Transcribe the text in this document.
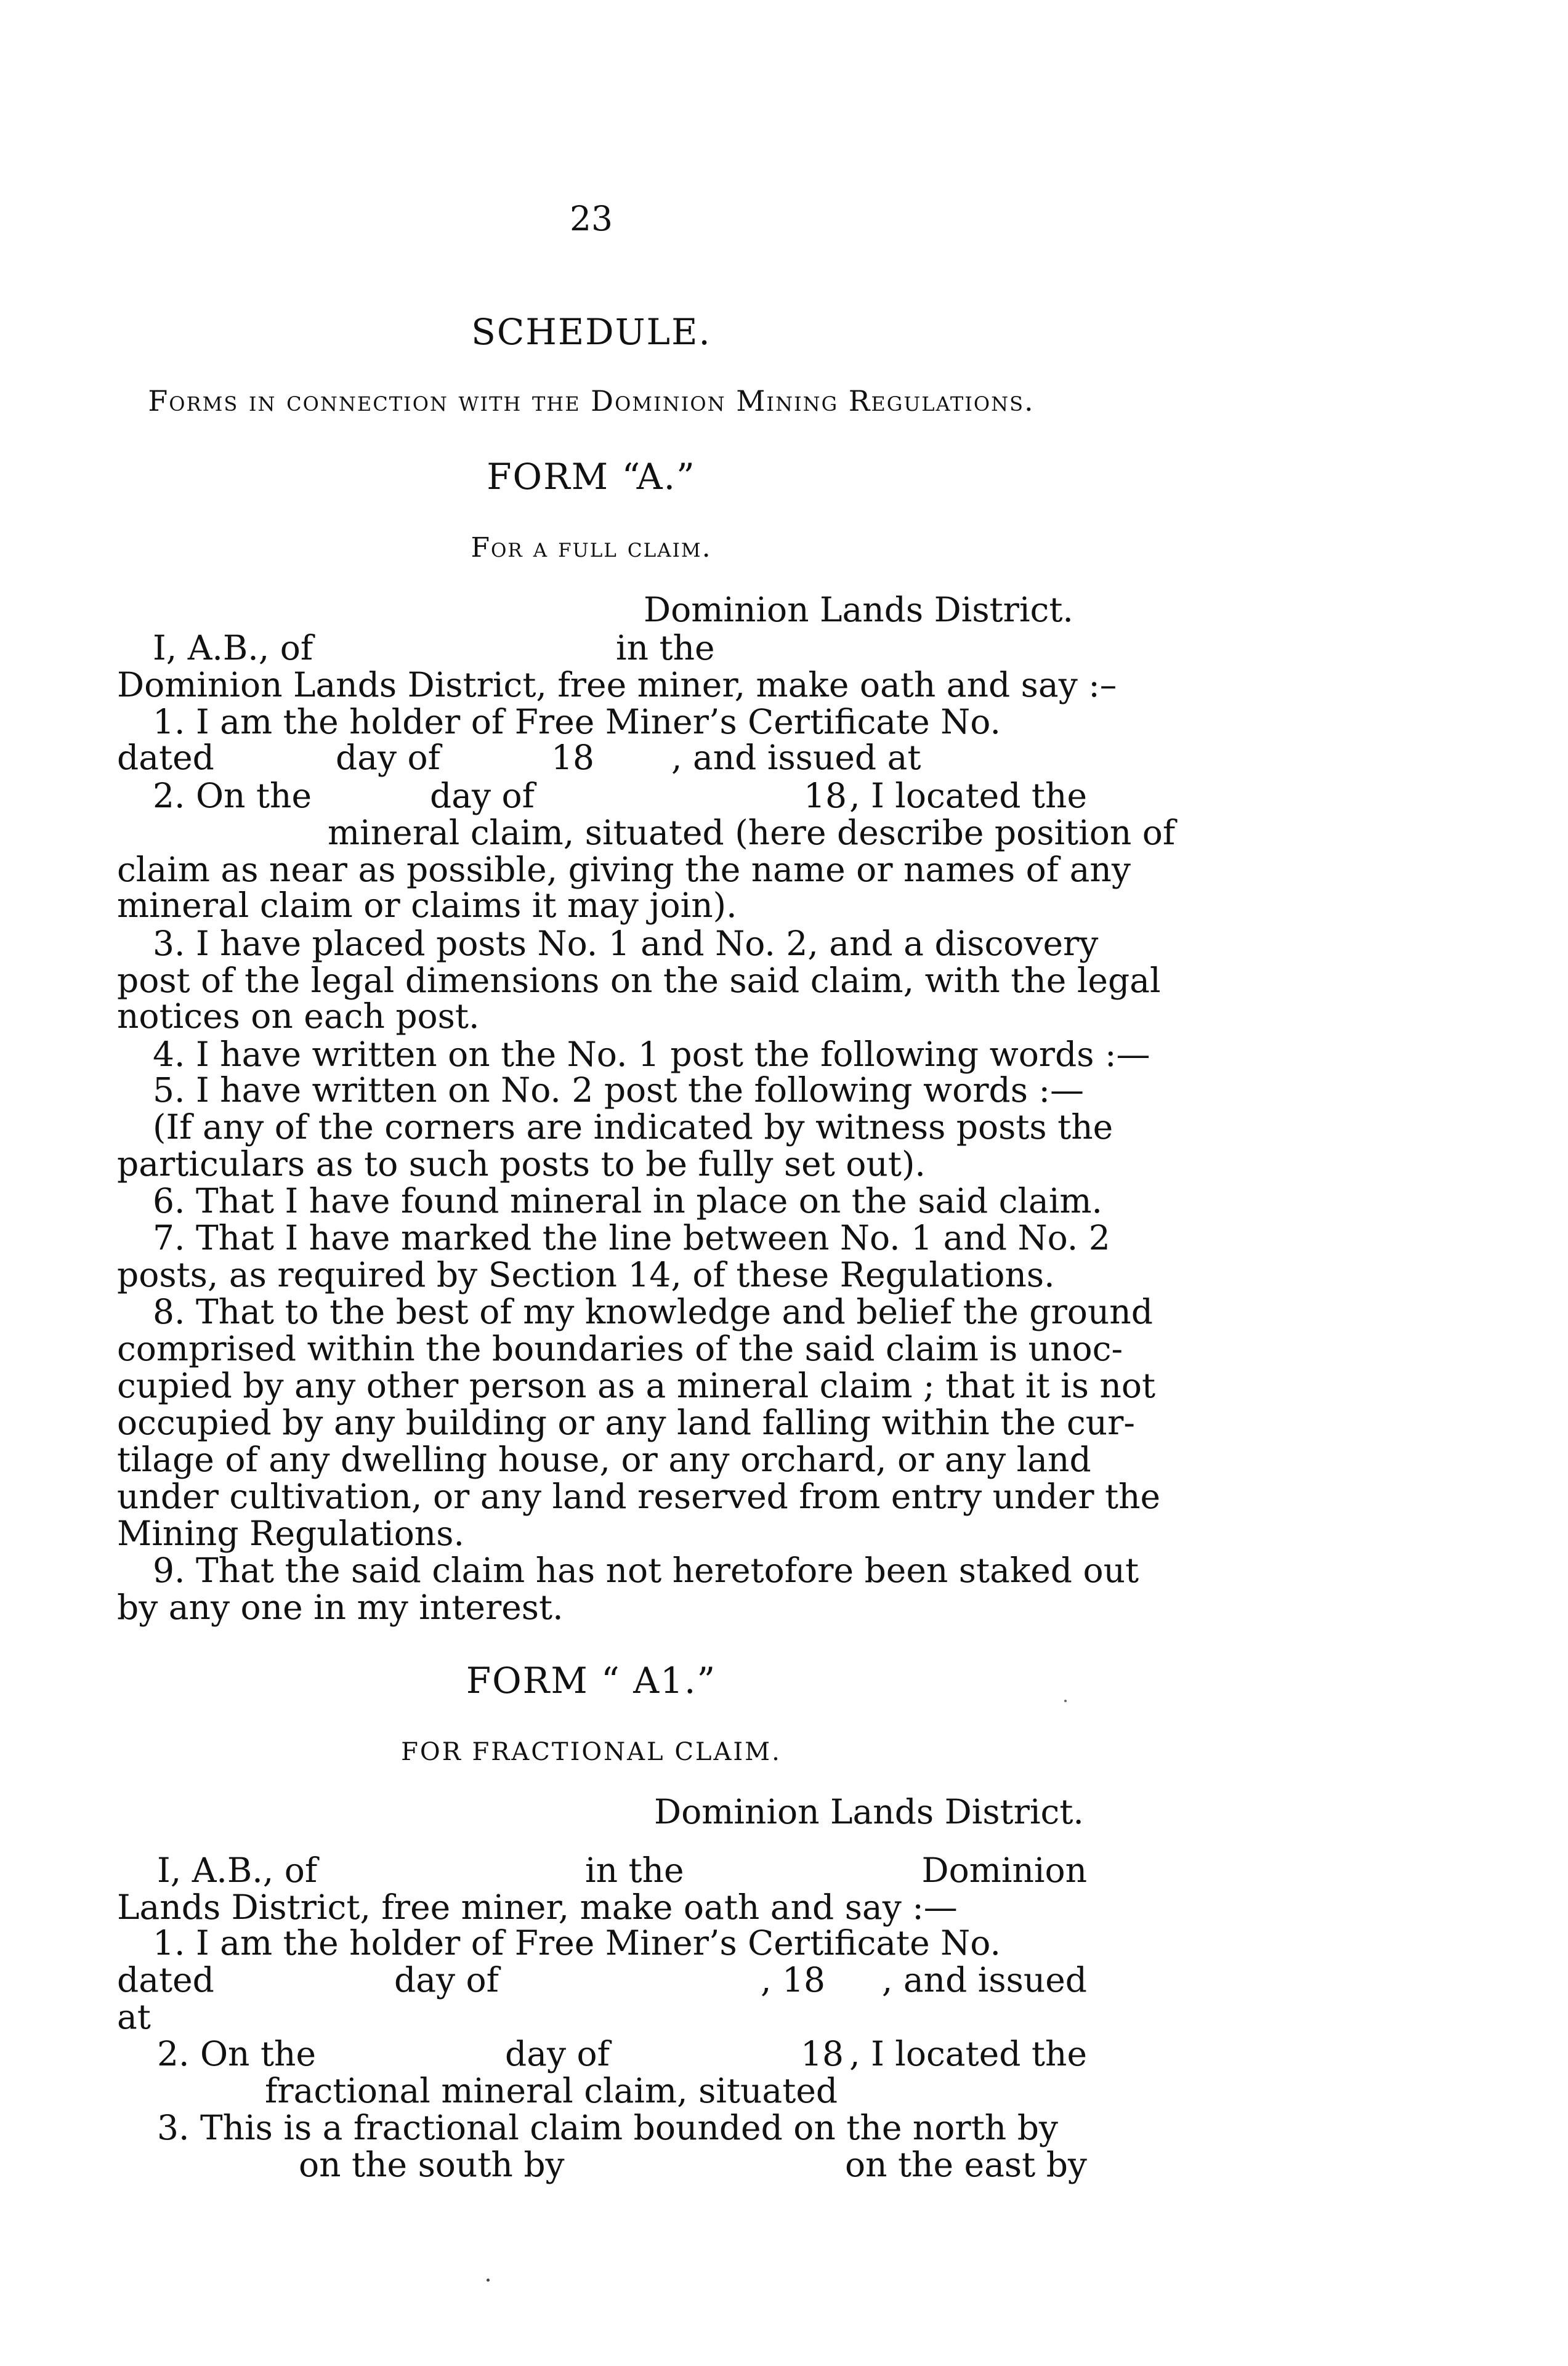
23
SCHEDULE.
Forms in connection with the Dominion Mining Regulations.
FORM “A.”
For a full claim.
Dominion Lands District.
I, A.B., of	in the
Dominion Lands District, free miner, make oath and say :–
1. I am the holder of Free Miner’s Certificate No.
dated	day of	18 , and issued at
2. On the	day of	18 , I located the
mineral claim, situated (here describe position of
claim as near as possible, giving the name or names of any
mineral claim or claims it may join).
3. I have placed posts No. 1 and No. 2, and a discovery
post of the legal dimensions on the said claim, with the legal
notices on each post.
4. I have written on the No. 1 post the following words :—
5. I have written on No. 2 post the following words :—
(If any of the corners are indicated by witness posts the
particulars as to such posts to be fully set out).
6. That I have found mineral in place on the said claim.
7. That I have marked the line between No. 1 and No. 2
posts, as required by Section 14, of these Regulations.
8. That to the best of my knowledge and belief the ground
comprised within the boundaries of the said claim is unoc-
cupied by any other person as a mineral claim ; that it is not
occupied by any building or any land falling within the cur-
tilage of any dwelling house, or any orchard, or any land
under cultivation, or any land reserved from entry under the
Mining Regulations.
9. That the said claim has not heretofore been staked out
by any one in my interest.
FORM “ A1.”
FOR FRACTIONAL CLAIM.
Dominion Lands District.
I, A.B., of	in the	Dominion
Lands District, free miner, make oath and say :—
1. I am the holder of Free Miner’s Certificate No.
dated	day of	, 18 , and issued
at
2. On the	day of	18 , I located the
fractional mineral claim, situated
3. This is a fractional claim bounded on the north by
on the south by	on the east by
